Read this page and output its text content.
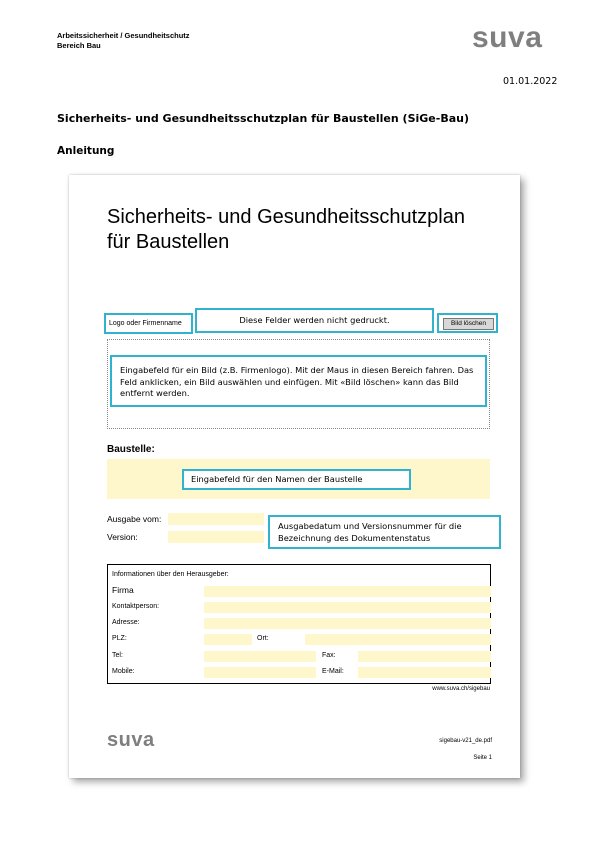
Arbeitssicherheit / Gesundheitschutz
Bereich Bau	suva
01.01.2022
Sicherheits- und Gesundheitsschutzplan für Baustellen (SiGe-Bau)
Anleitung
Sicherheits- und Gesundheitsschutzplan
für Baustellen
Logo oder Firmenname	Diese Felder werden nicht gedruckt.	Bild löschen
Eingabefeld für ein Bild (z.B. Firmenlogo). Mit der Maus in diesen Bereich fahren. Das Feld anklicken, ein Bild auswählen und einfügen. Mit «Bild löschen» kann das Bild entfernt werden.
Baustelle:
Eingabefeld für den Namen der Baustelle
Ausgabe vom:
Version:
Ausgabedatum und Versionsnummer für die Bezeichnung des Dokumentenstatus
Informationen über den Herausgeber:
Firma
Kontaktperson:
Adresse:
PLZ:	Ort:
Tel:	Fax:
Mobile:	E-Mail:
www.suva.ch/sigebau
suva	sigebau-v21_de.pdf
Seite 1
